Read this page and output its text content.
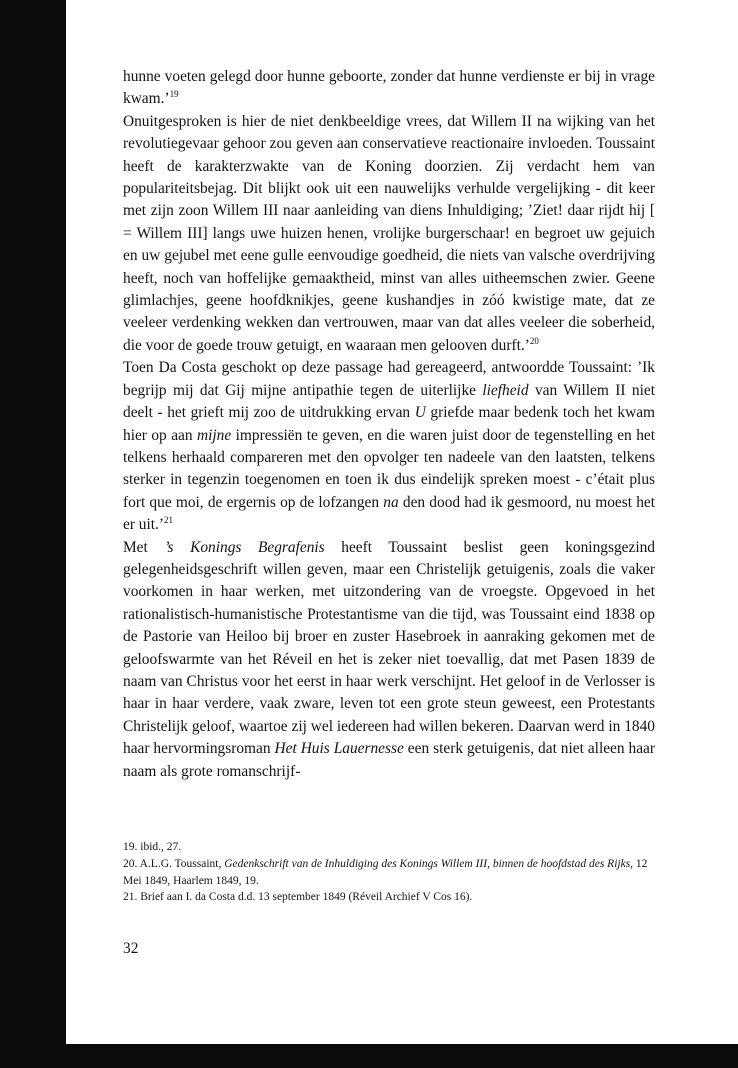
hunne voeten gelegd door hunne geboorte, zonder dat hunne verdienste er bij in vrage kwam.’$^{19}$

Onuitgesproken is hier de niet denkbeeldige vrees, dat Willem II na wijking van het revolutiegevaar gehoor zou geven aan conservatieve reactionaire invloeden. Toussaint heeft de karakterzwakte van de Koning doorzien. Zij verdacht hem van populariteitsbejag. Dit blijkt ook uit een nauwelijks verhulde vergelijking - dit keer met zijn zoon Willem III naar aanleiding van diens Inhuldiging; ’Ziet! daar rijdt hij [ = Willem III] langs uwe huizen henen, vrolijke burgerschaar! en begroet uw gejuich en uw gejubel met eene gulle eenvoudige goedheid, die niets van valsche overdrijving heeft, noch van hoffelijke gemaaktheid, minst van alles uitheemschen zwier. Geene glimlachjes, geene hoofdknikjes, geene kushandjes in zóó kwistige mate, dat ze veeleer verdenking wekken dan vertrouwen, maar van dat alles veeleer die soberheid, die voor de goede trouw getuigt, en waaraan men gelooven durft.’$^{20}$

Toen Da Costa geschokt op deze passage had gereageerd, antwoordde Toussaint: ’Ik begrijp mij dat Gij mijne antipathie tegen de uiterlijke liefheid van Willem II niet deelt - het grieft mij zoo de uitdrukking ervan U griefde maar bedenk toch het kwam hier op aan mijne impressiën te geven, en die waren juist door de tegenstelling en het telkens herhaald compareren met den opvolger ten nadeele van den laatsten, telkens sterker in tegenzin toegenomen en toen ik dus eindelijk spreken moest - c’était plus fort que moi, de ergernis op de lofzangen na den dood had ik gesmoord, nu moest het er uit.’$^{21}$

Met ’s Konings Begrafenis heeft Toussaint beslist geen koningsgezind gelegenheidsgeschrift willen geven, maar een Christelijk getuigenis, zoals die vaker voorkomen in haar werken, met uitzondering van de vroegste. Opgevoed in het rationalistisch-humanistische Protestantisme van die tijd, was Toussaint eind 1838 op de Pastorie van Heiloo bij broer en zuster Hasebroek in aanraking gekomen met de geloofswarmte van het Réveil en het is zeker niet toevallig, dat met Pasen 1839 de naam van Christus voor het eerst in haar werk verschijnt. Het geloof in de Verlosser is haar in haar verdere, vaak zware, leven tot een grote steun geweest, een Protestants Christelijk geloof, waartoe zij wel iedereen had willen bekeren. Daarvan werd in 1840 haar hervormingsroman Het Huis Lauernesse een sterk getuigenis, dat niet alleen haar naam als grote romanschrijf-

19. ibid., 27.
20. A.L.G. Toussaint, Gedenkschrift van de Inhuldiging des Konings Willem III, binnen de hoofdstad des Rijks, 12 Mei 1849, Haarlem 1849, 19.
21. Brief aan I. da Costa d.d. 13 september 1849 (Réveil Archief V Cos 16).
32
